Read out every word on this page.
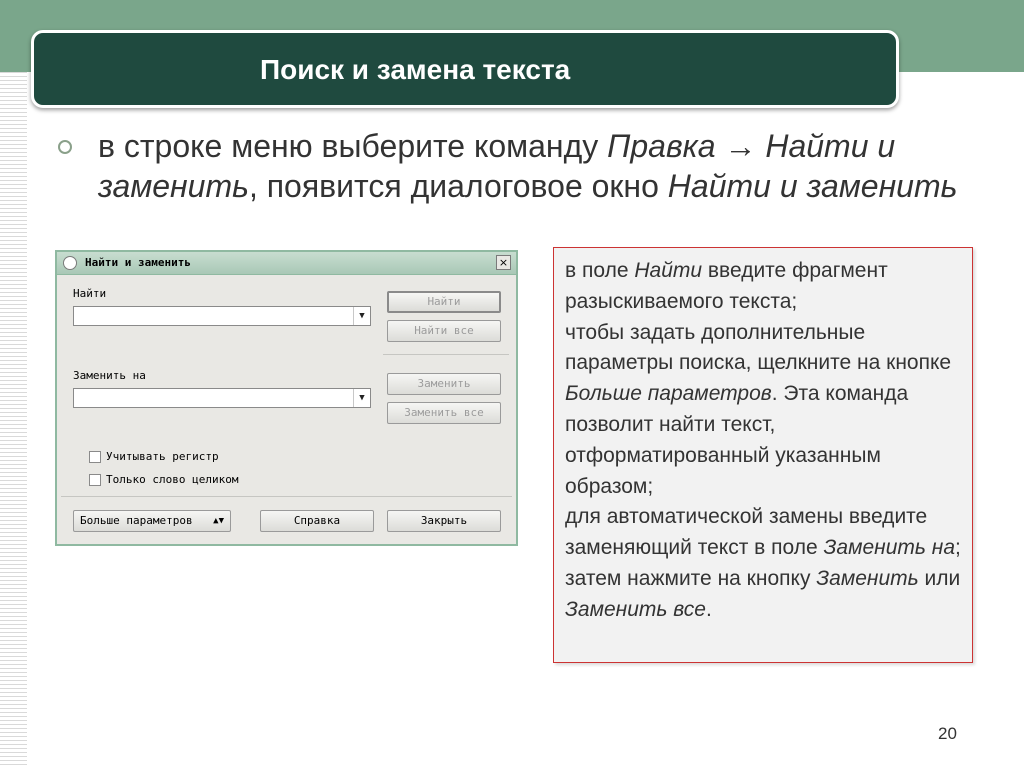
Поиск и замена текста
в строке меню выберите команду Правка → Найти и заменить, появится диалоговое окно Найти и заменить
Найти и заменить	×
Найти
▼
Найти
Найти все
Заменить на
▼
Заменить
Заменить все
Учитывать регистр
Только слово целиком
Больше параметров ▲▼	Справка	Закрыть
в поле Найти введите фрагмент разыскиваемого текста;
чтобы задать дополнительные параметры поиска, щелкните на кнопке Больше параметров. Эта команда позволит найти текст, отформатированный указанным образом;
для автоматической замены введите заменяющий текст в поле Заменить на;
затем нажмите на кнопку Заменить или Заменить все.
20
